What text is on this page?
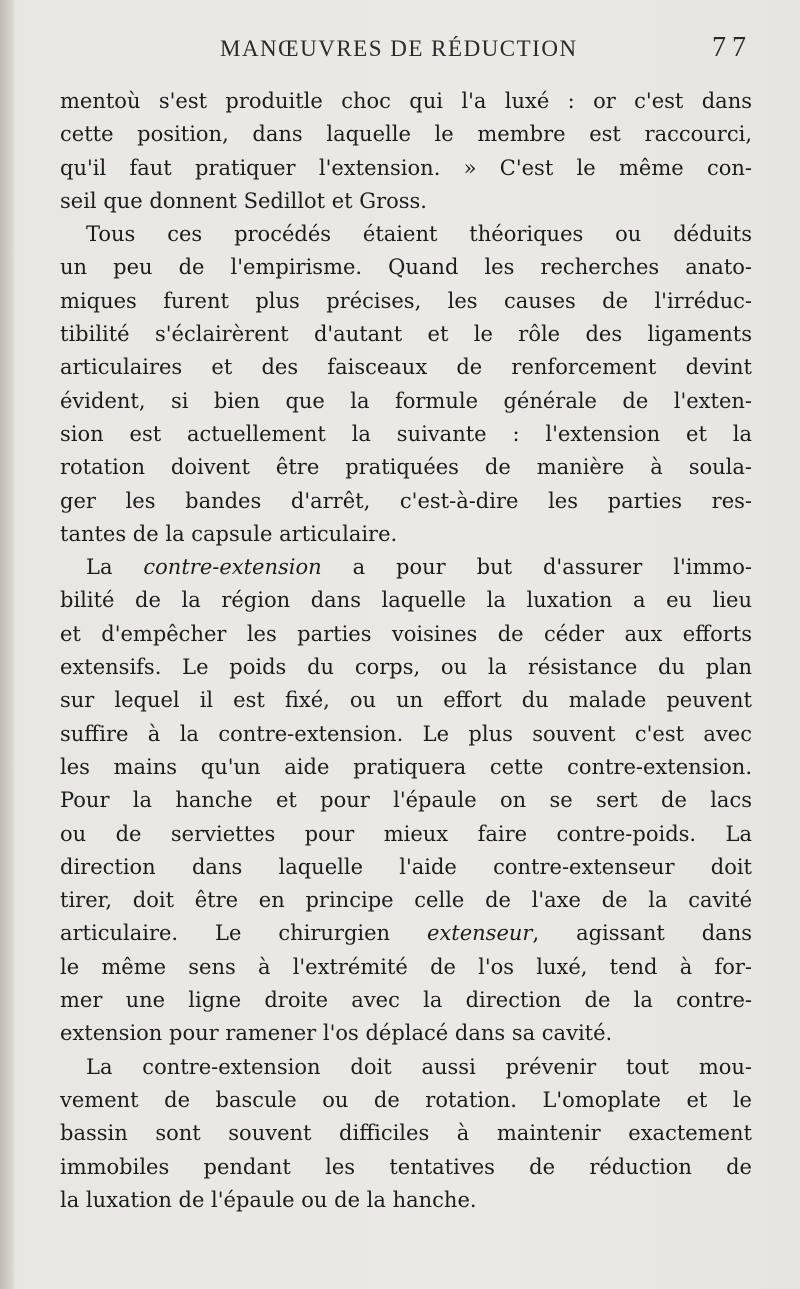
MANŒUVRES DE RÉDUCTION	77
mentoù s'est produitle choc qui l'a luxé : or c'est dans
cette position, dans laquelle le membre est raccourci,
qu'il faut pratiquer l'extension. » C'est le même con-
seil que donnent Sedillot et Gross.
Tous ces procédés étaient théoriques ou déduits
un peu de l'empirisme. Quand les recherches anato-
miques furent plus précises, les causes de l'irréduc-
tibilité s'éclairèrent d'autant et le rôle des ligaments
articulaires et des faisceaux de renforcement devint
évident, si bien que la formule générale de l'exten-
sion est actuellement la suivante : l'extension et la
rotation doivent être pratiquées de manière à soula-
ger les bandes d'arrêt, c'est-à-dire les parties res-
tantes de la capsule articulaire.
La contre-extension a pour but d'assurer l'immo-
bilité de la région dans laquelle la luxation a eu lieu
et d'empêcher les parties voisines de céder aux efforts
extensifs. Le poids du corps, ou la résistance du plan
sur lequel il est fixé, ou un effort du malade peuvent
suffire à la contre-extension. Le plus souvent c'est avec
les mains qu'un aide pratiquera cette contre-extension.
Pour la hanche et pour l'épaule on se sert de lacs
ou de serviettes pour mieux faire contre-poids. La
direction dans laquelle l'aide contre-extenseur doit
tirer, doit être en principe celle de l'axe de la cavité
articulaire. Le chirurgien extenseur, agissant dans
le même sens à l'extrémité de l'os luxé, tend à for-
mer une ligne droite avec la direction de la contre-
extension pour ramener l'os déplacé dans sa cavité.
La contre-extension doit aussi prévenir tout mou-
vement de bascule ou de rotation. L'omoplate et le
bassin sont souvent difficiles à maintenir exactement
immobiles pendant les tentatives de réduction de
la luxation de l'épaule ou de la hanche.
